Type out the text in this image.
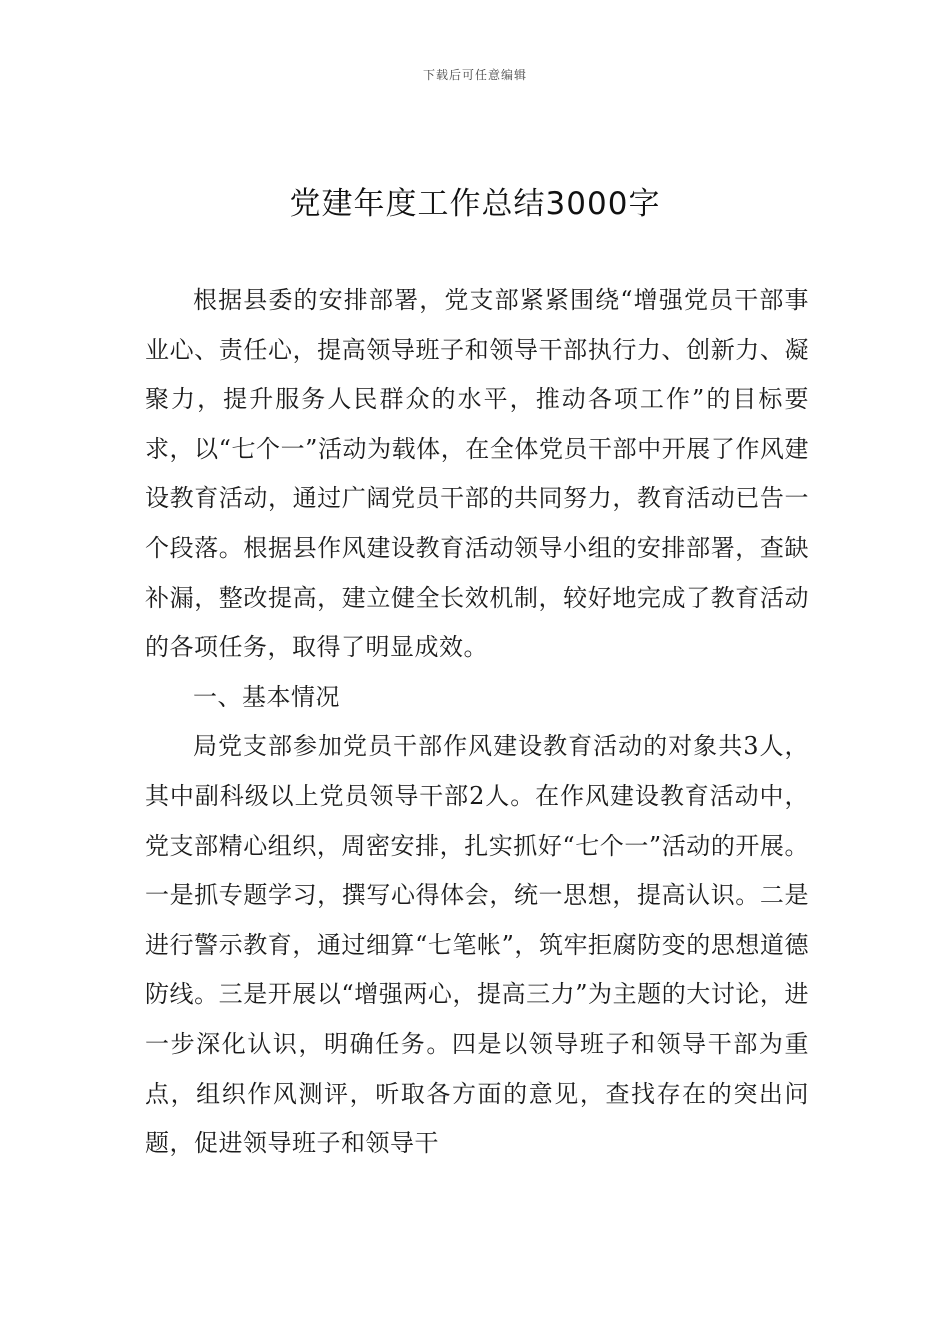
下载后可任意编辑
党建年度工作总结3000字

根据县委的安排部署，党支部紧紧围绕“增强党员干部事业心、责任心，提高领导班子和领导干部执行力、创新力、凝聚力，提升服务人民群众的水平，推动各项工作”的目标要求，以“七个一”活动为载体，在全体党员干部中开展了作风建设教育活动，通过广阔党员干部的共同努力，教育活动已告一个段落。根据县作风建设教育活动领导小组的安排部署，查缺补漏，整改提高，建立健全长效机制，较好地完成了教育活动的各项任务，取得了明显成效。

一、基本情况

局党支部参加党员干部作风建设教育活动的对象共3人，其中副科级以上党员领导干部2人。在作风建设教育活动中，党支部精心组织，周密安排，扎实抓好“七个一”活动的开展。一是抓专题学习，撰写心得体会，统一思想，提高认识。二是进行警示教育，通过细算“七笔帐”，筑牢拒腐防变的思想道德防线。三是开展以“增强两心，提高三力”为主题的大讨论，进一步深化认识，明确任务。四是以领导班子和领导干部为重点，组织作风测评，听取各方面的意见，查找存在的突出问题，促进领导班子和领导干
